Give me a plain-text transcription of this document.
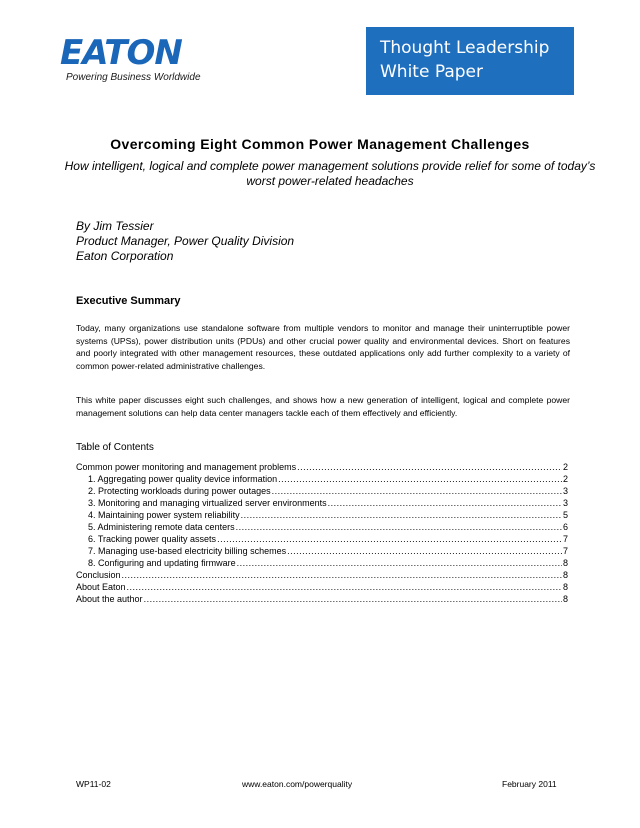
EATON
Powering Business Worldwide
Thought Leadership
White Paper
Overcoming Eight Common Power Management Challenges
How intelligent, logical and complete power management solutions provide relief for some of today’s worst power-related headaches
By Jim Tessier
Product Manager, Power Quality Division
Eaton Corporation
Executive Summary
Today, many organizations use standalone software from multiple vendors to monitor and manage their uninterruptible power systems (UPSs), power distribution units (PDUs) and other crucial power quality and environmental devices. Short on features and poorly integrated with other management resources, these outdated applications only add further complexity to a variety of common power-related administrative challenges.
This white paper discusses eight such challenges, and shows how a new generation of intelligent, logical and complete power management solutions can help data center managers tackle each of them effectively and efficiently.
Table of Contents
Common power monitoring and management problems .....	2
1. Aggregating power quality device information .....	2
2. Protecting workloads during power outages .....	3
3. Monitoring and managing virtualized server environments .....	3
4. Maintaining power system reliability .....	5
5. Administering remote data centers .....	6
6. Tracking power quality assets .....	7
7. Managing use-based electricity billing schemes .....	7
8. Configuring and updating firmware .....	8
Conclusion .....	8
About Eaton .....	8
About the author .....	8
WP11-02	www.eaton.com/powerquality	February 2011
